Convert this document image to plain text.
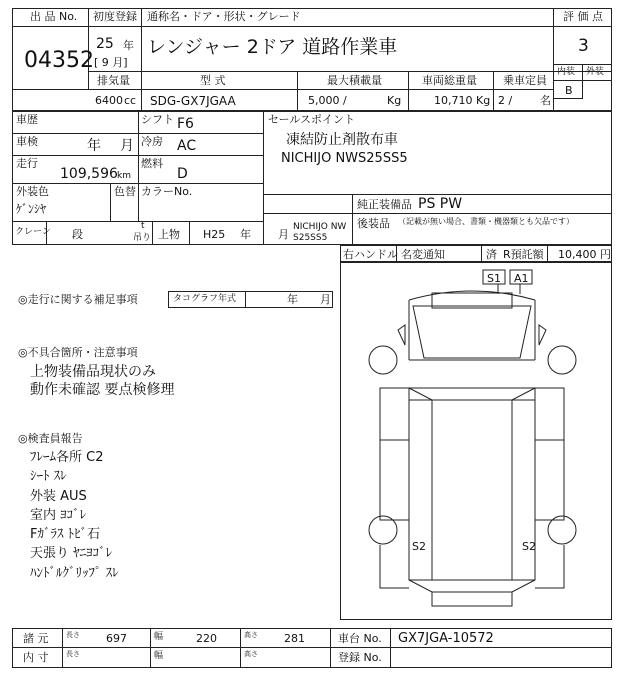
出 品 No.
04352
初度登録
25 年
[ 9 月]
通称名・ドア・形状・グレード
レンジャー 2ドア 道路作業車
評 価 点
3
内装 外装
B
排気量
6400 cc
型 式
SDG-GX7JGAA
最大積載量
5,000 /	Kg
車両総重量
10,710 Kg
乗車定員
2 /	名
車歴	シフト F6
車検	年 月 冷房 AC
走行
109,596 km
燃料
D
外装色
ｹﾞﾝｼﾔ
色替 カラーNo.
クレーン 段
t
吊り 上物 H25 年 月
NICHIJO NW
S25SS5
セールスポイント
凍結防止剤散布車
NICHIJO NWS25SS5
純正装備品 PS PW
後装品 （記載が無い場合、書類・機器類とも欠品です）
右ハンドル 名変通知	済 R預託額 10,400 円
◎走行に関する補足事項	タコグラフ年式	年 月
◎不具合箇所・注意事項
上物装備品現状のみ
動作未確認 要点検修理
◎検査員報告
ﾌﾚｰﾑ各所 C2
ｼｰﾄ ｽﾚ
外装 AUS
室内 ﾖｺﾞﾚ
Fｶﾞﾗｽ ﾄﾋﾞ石
天張り ﾔﾆﾖｺﾞﾚ
ﾊﾝﾄﾞﾙｸﾞﾘｯﾌﾟ ｽﾚ
S1 A1
S2	S2
諸 元	長さ 697	幅	220	高さ 281	車台 No. GX7JGA-10572
内 寸	長さ	幅	高さ	登録 No.
